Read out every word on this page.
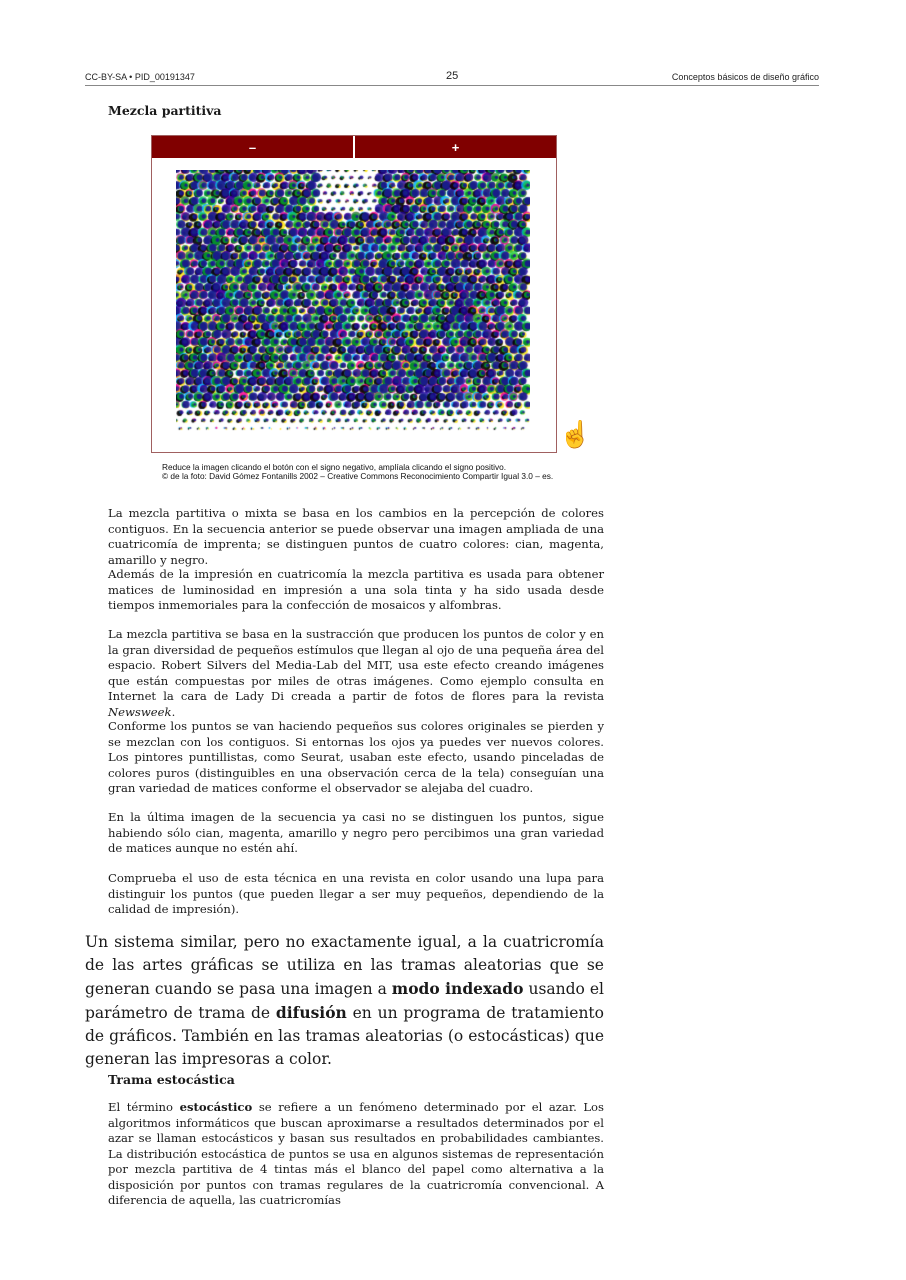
CC-BY-SA • PID_00191347	25	Conceptos básicos de diseño gráfico
Mezcla partitiva
–	+
☝
Reduce la imagen clicando el botón con el signo negativo, amplíala clicando el signo positivo.
© de la foto: David Gómez Fontanills 2002 – Creative Commons Reconocimiento Compartir Igual 3.0 – es.

La mezcla partitiva o mixta se basa en los cambios en la percepción de colores contiguos. En la secuencia anterior se puede observar una imagen ampliada de una cuatricomía de imprenta; se distinguen puntos de cuatro colores: cian, magenta, amarillo y negro.

Además de la impresión en cuatricomía la mezcla partitiva es usada para obtener matices de luminosidad en impresión a una sola tinta y ha sido usada desde tiempos inmemoriales para la confección de mosaicos y alfombras.

La mezcla partitiva se basa en la sustracción que producen los puntos de color y en la gran diversidad de pequeños estímulos que llegan al ojo de una pequeña área del espacio. Robert Silvers del Media-Lab del MIT, usa este efecto creando imágenes que están compuestas por miles de otras imágenes. Como ejemplo consulta en Internet la cara de Lady Di creada a partir de fotos de flores para la revista Newsweek.

Conforme los puntos se van haciendo pequeños sus colores originales se pierden y se mezclan con los contiguos. Si entornas los ojos ya puedes ver nuevos colores. Los pintores puntillistas, como Seurat, usaban este efecto, usando pinceladas de colores puros (distinguibles en una observación cerca de la tela) conseguían una gran variedad de matices conforme el observador se alejaba del cuadro.

En la última imagen de la secuencia ya casi no se distinguen los puntos, sigue habiendo sólo cian, magenta, amarillo y negro pero percibimos una gran variedad de matices aunque no estén ahí.

Comprueba el uso de esta técnica en una revista en color usando una lupa para distinguir los puntos (que pueden llegar a ser muy pequeños, dependiendo de la calidad de impresión).

Un sistema similar, pero no exactamente igual, a la cuatricromía de las artes gráficas se utiliza en las tramas aleatorias que se generan cuando se pasa una imagen a modo indexado usando el parámetro de trama de difusión en un programa de tratamiento de gráficos. También en las tramas aleatorias (o estocásticas) que generan las impresoras a color.

Trama estocástica

El término estocástico se refiere a un fenómeno determinado por el azar. Los algoritmos informáticos que buscan aproximarse a resultados determinados por el azar se llaman estocásticos y basan sus resultados en probabilidades cambiantes. La distribución estocástica de puntos se usa en algunos sistemas de representación por mezcla partitiva de 4 tintas más el blanco del papel como alternativa a la disposición por puntos con tramas regulares de la cuatricromía convencional. A diferencia de aquella, las cuatricromías
